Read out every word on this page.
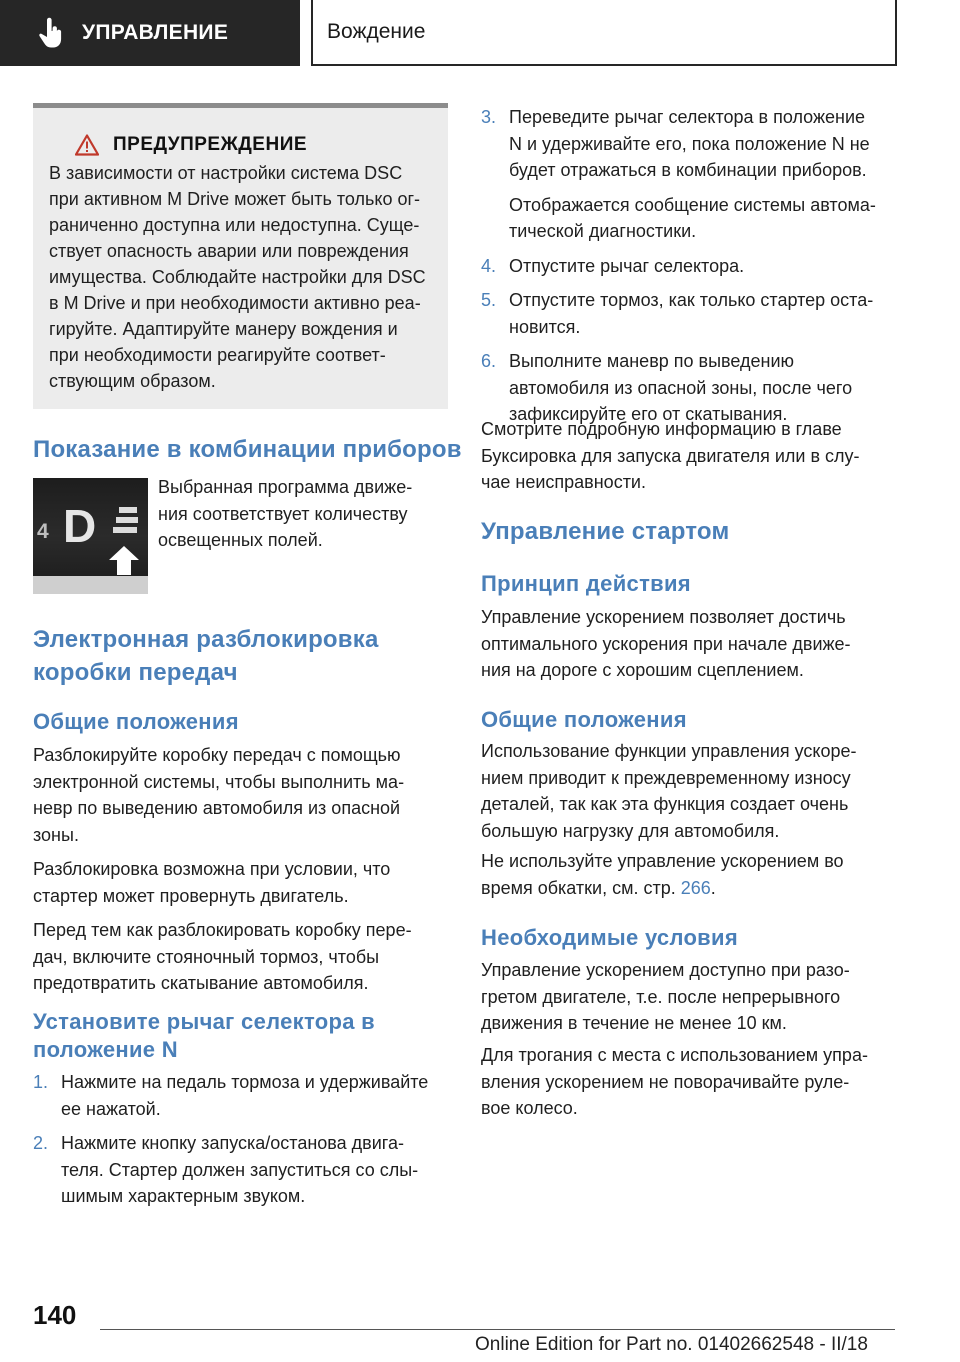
УПРАВЛЕНИЕ	Вождение
ПРЕДУПРЕЖДЕНИЕ

В зависимости от настройки система DSC
при активном M Drive может быть только ог-
раниченно доступна или недоступна. Суще-
ствует опасность аварии или повреждения
имущества. Соблюдайте настройки для DSC
в M Drive и при необходимости активно реа-
гируйте. Адаптируйте манеру вождения и
при необходимости реагируйте соответ-
ствующим образом.

Показание в комбинации приборов
4 D

Выбранная программа движе-
ния соответствует количеству
освещенных полей.

Электронная разблокировка
коробки передач
Общие положения

Разблокируйте коробку передач с помощью
электронной системы, чтобы выполнить ма-
невр по выведению автомобиля из опасной
зоны.

Разблокировка возможна при условии, что
стартер может провернуть двигатель.

Перед тем как разблокировать коробку пере-
дач, включите стояночный тормоз, чтобы
предотвратить скатывание автомобиля.

Установите рычаг селектора в
положение N
1. Нажмите на педаль тормоза и удерживайте
ее нажатой.
2. Нажмите кнопку запуска/останова двига-
теля. Стартер должен запуститься со слы-
шимым характерным звуком.
3. Переведите рычаг селектора в положение
N и удерживайте его, пока положение N не
будет отражаться в комбинации приборов.
Отображается сообщение системы автома-
тической диагностики.
4. Отпустите рычаг селектора.
5. Отпустите тормоз, как только стартер оста-
новится.
6. Выполните маневр по выведению
автомобиля из опасной зоны, после чего
зафиксируйте его от скатывания.

Смотрите подробную информацию в главе
Буксировка для запуска двигателя или в слу-
чае неисправности.

Управление стартом
Принцип действия

Управление ускорением позволяет достичь
оптимального ускорения при начале движе-
ния на дороге с хорошим сцеплением.

Общие положения

Использование функции управления ускоре-
нием приводит к преждевременному износу
деталей, так как эта функция создает очень
большую нагрузку для автомобиля.

Не используйте управление ускорением во
время обкатки, см. стр. 266.

Необходимые условия

Управление ускорением доступно при разо-
гретом двигателе, т.е. после непрерывного
движения в течение не менее 10 км.

Для трогания с места с использованием упра-
вления ускорением не поворачивайте руле-
вое колесо.

140
Online Edition for Part no. 01402662548 - II/18
